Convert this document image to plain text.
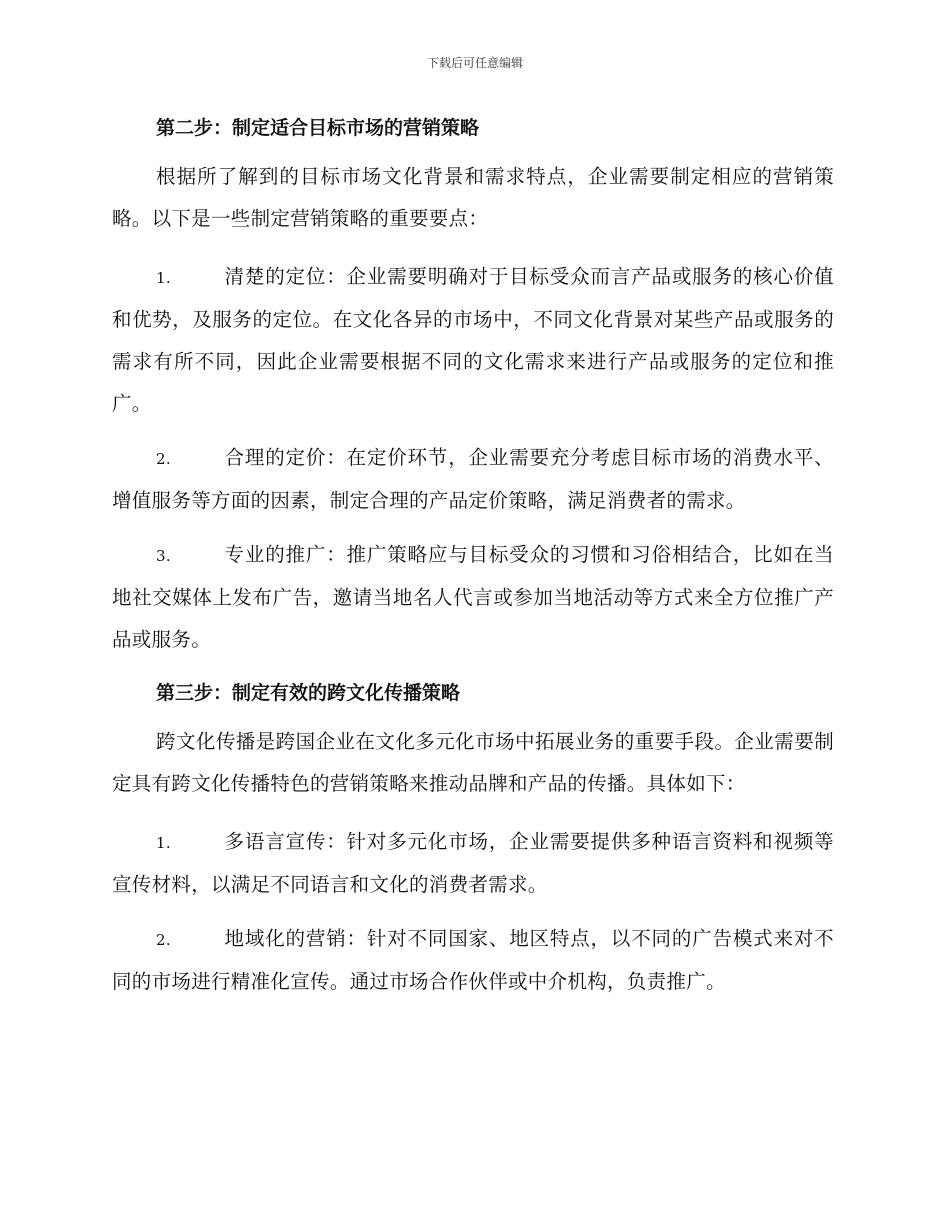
下载后可任意编辑
第二步：制定适合目标市场的营销策略

根据所了解到的目标市场文化背景和需求特点，企业需要制定相应的营销策略。以下是一些制定营销策略的重要要点：

1.	清楚的定位：企业需要明确对于目标受众而言产品或服务的核心价值和优势，及服务的定位。在文化各异的市场中，不同文化背景对某些产品或服务的需求有所不同，因此企业需要根据不同的文化需求来进行产品或服务的定位和推广。

2.	合理的定价：在定价环节，企业需要充分考虑目标市场的消费水平、增值服务等方面的因素，制定合理的产品定价策略，满足消费者的需求。

3.	专业的推广：推广策略应与目标受众的习惯和习俗相结合，比如在当地社交媒体上发布广告，邀请当地名人代言或参加当地活动等方式来全方位推广产品或服务。

第三步：制定有效的跨文化传播策略

跨文化传播是跨国企业在文化多元化市场中拓展业务的重要手段。企业需要制定具有跨文化传播特色的营销策略来推动品牌和产品的传播。具体如下：

1.	多语言宣传：针对多元化市场，企业需要提供多种语言资料和视频等宣传材料，以满足不同语言和文化的消费者需求。

2.	地域化的营销：针对不同国家、地区特点，以不同的广告模式来对不同的市场进行精准化宣传。通过市场合作伙伴或中介机构，负责推广。
